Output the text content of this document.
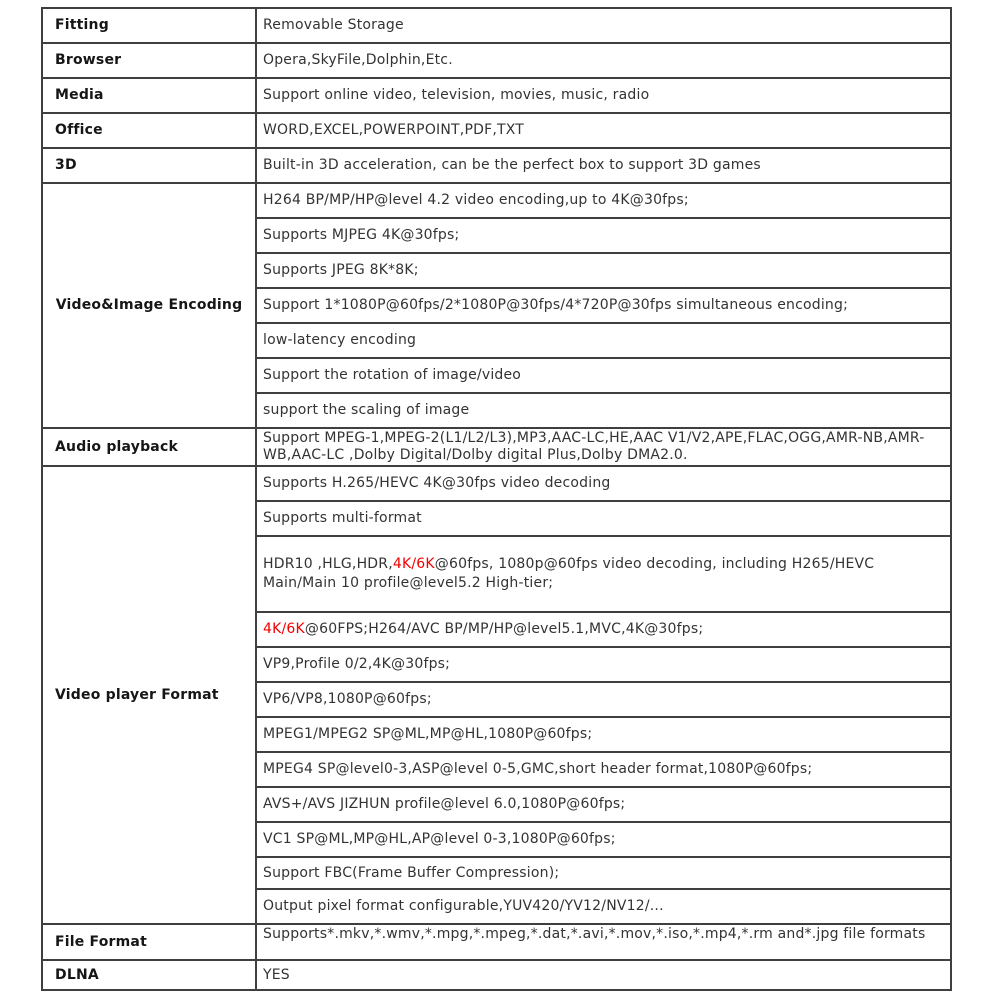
Fitting	Removable Storage
Browser	Opera,SkyFile,Dolphin,Etc.
Media	Support online video, television, movies, music, radio
Office	WORD,EXCEL,POWERPOINT,PDF,TXT
3D	Built-in 3D acceleration, can be the perfect box to support 3D games
Video&Image Encoding	H264 BP/MP/HP@level 4.2 video encoding,up to 4K@30fps;
	Supports MJPEG 4K@30fps;
	Supports JPEG 8K*8K;
	Support 1*1080P@60fps/2*1080P@30fps/4*720P@30fps simultaneous encoding;
	low-latency encoding
	Support the rotation of image/video
	support the scaling of image
Audio playback	Support MPEG-1,MPEG-2(L1/L2/L3),MP3,AAC-LC,HE,AAC V1/V2,APE,FLAC,OGG,AMR-NB,AMR-WB,AAC-LC ,Dolby Digital/Dolby digital Plus,Dolby DMA2.0.
Video player Format	Supports H.265/HEVC 4K@30fps video decoding
	Supports multi-format
	HDR10 ,HLG,HDR,4K/6K@60fps, 1080p@60fps video decoding, including H265/HEVC Main/Main 10 profile@level5.2 High-tier;
	4K/6K@60FPS;H264/AVC BP/MP/HP@level5.1,MVC,4K@30fps;
	VP9,Profile 0/2,4K@30fps;
	VP6/VP8,1080P@60fps;
	MPEG1/MPEG2 SP@ML,MP@HL,1080P@60fps;
	MPEG4 SP@level0-3,ASP@level 0-5,GMC,short header format,1080P@60fps;
	AVS+/AVS JIZHUN profile@level 6.0,1080P@60fps;
	VC1 SP@ML,MP@HL,AP@level 0-3,1080P@60fps;
	Support FBC(Frame Buffer Compression);
	Output pixel format configurable,YUV420/YV12/NV12/...
File Format	Supports*.mkv,*.wmv,*.mpg,*.mpeg,*.dat,*.avi,*.mov,*.iso,*.mp4,*.rm and*.jpg file formats
DLNA	YES
